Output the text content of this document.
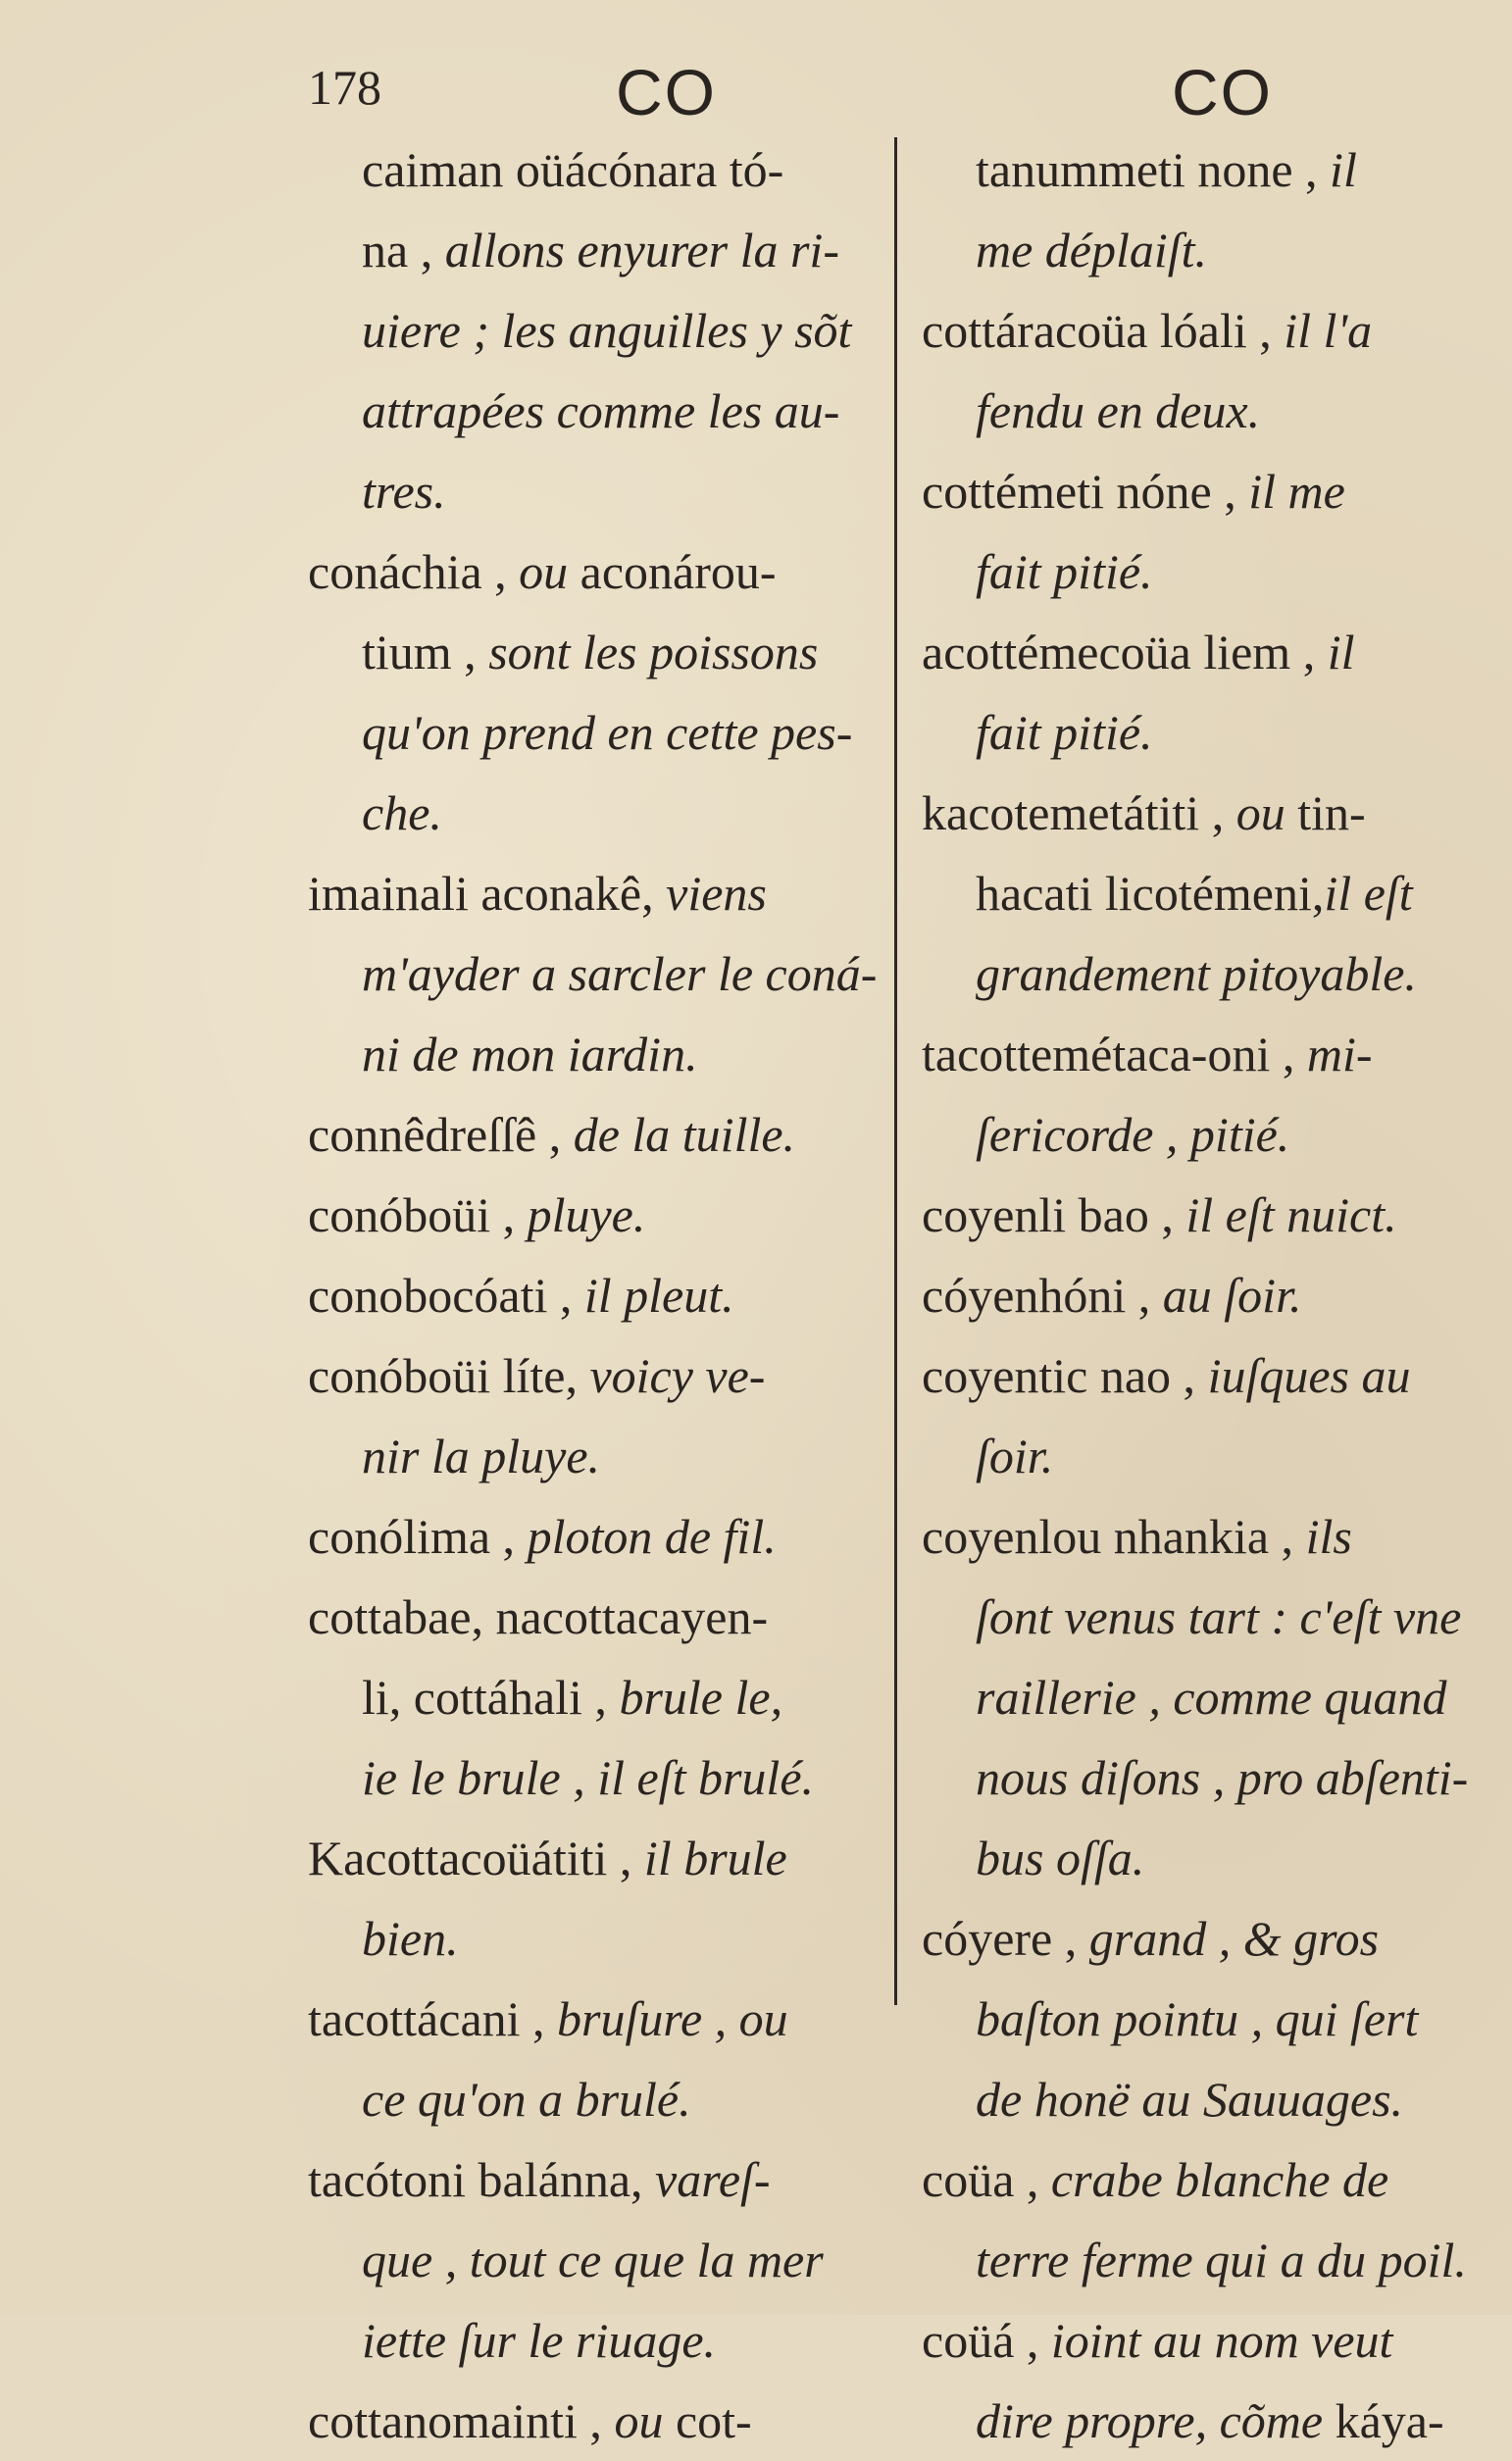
178	CO	CO
caiman oüácónara tó-
na , allons enyurer la ri-
uiere ; les anguilles y sõt
attrapées comme les au-
tres.
conáchia , ou aconárou-
tium , sont les poissons
qu'on prend en cette pes-
che.
imainali aconakê, viens
m'ayder a sarcler le coná-
ni de mon iardin.
connêdreſſê , de la tuille.
conóboüi , pluye.
conobocóati , il pleut.
conóboüi líte, voicy ve-
nir la pluye.
conólima , ploton de fil.
cottabae, nacottacayen-
li, cottáhali , brule le,
ie le brule , il eſt brulé.
Kacottacoüátiti , il brule
bien.
tacottácani , bruſure , ou
ce qu'on a brulé.
tacótoni balánna, vareſ-
que , tout ce que la mer
iette ſur le riuage.
cottanomainti , ou cot-
tanummeti none , il
me déplaiſt.
cottáracoüa lóali , il l'a
fendu en deux.
cottémeti nóne , il me
fait pitié.
acottémecoüa liem , il
fait pitié.
kacotemetátiti , ou tin-
hacati licotémeni,il eſt
grandement pitoyable.
tacottemétaca-oni , mi-
ſericorde , pitié.
coyenli bao , il eſt nuict.
cóyenhóni , au ſoir.
coyentic nao , iuſques au
ſoir.
coyenlou nhankia , ils
ſont venus tart : c'eſt vne
raillerie , comme quand
nous diſons , pro abſenti-
bus oſſa.
cóyere , grand , & gros
baſton pointu , qui ſert
de honë au Sauuages.
coüa , crabe blanche de
terre ferme qui a du poil.
coüá , ioint au nom veut
dire propre, cõme káya-
